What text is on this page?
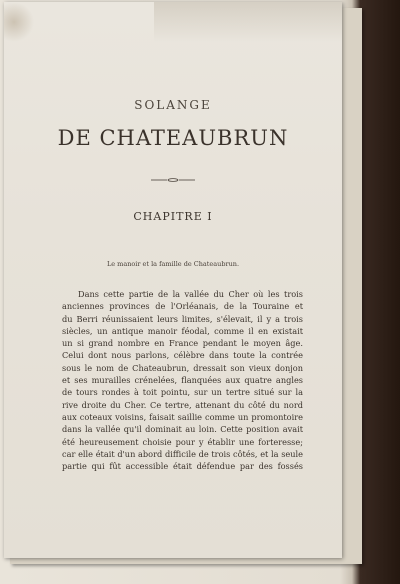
SOLANGE

DE CHATEAUBRUN

CHAPITRE I

Le manoir et la famille de Chateaubrun.

Dans cette partie de la vallée du Cher où les trois
anciennes provinces de l'Orléanais, de la Touraine et
du Berri réunissaient leurs limites, s'élevait, il y a trois
siècles, un antique manoir féodal, comme il en existait
un si grand nombre en France pendant le moyen âge.
Celui dont nous parlons, célèbre dans toute la contrée
sous le nom de Chateaubrun, dressait son vieux donjon
et ses murailles crénelées, flanquées aux quatre angles
de tours rondes à toit pointu, sur un tertre situé sur la
rive droite du Cher. Ce tertre, attenant du côté du nord
aux coteaux voisins, faisait saillie comme un promontoire
dans la vallée qu'il dominait au loin. Cette position avait
été heureusement choisie pour y établir une forteresse;
car elle était d'un abord difficile de trois côtés, et la seule
partie qui fût accessible était défendue par des fossés
